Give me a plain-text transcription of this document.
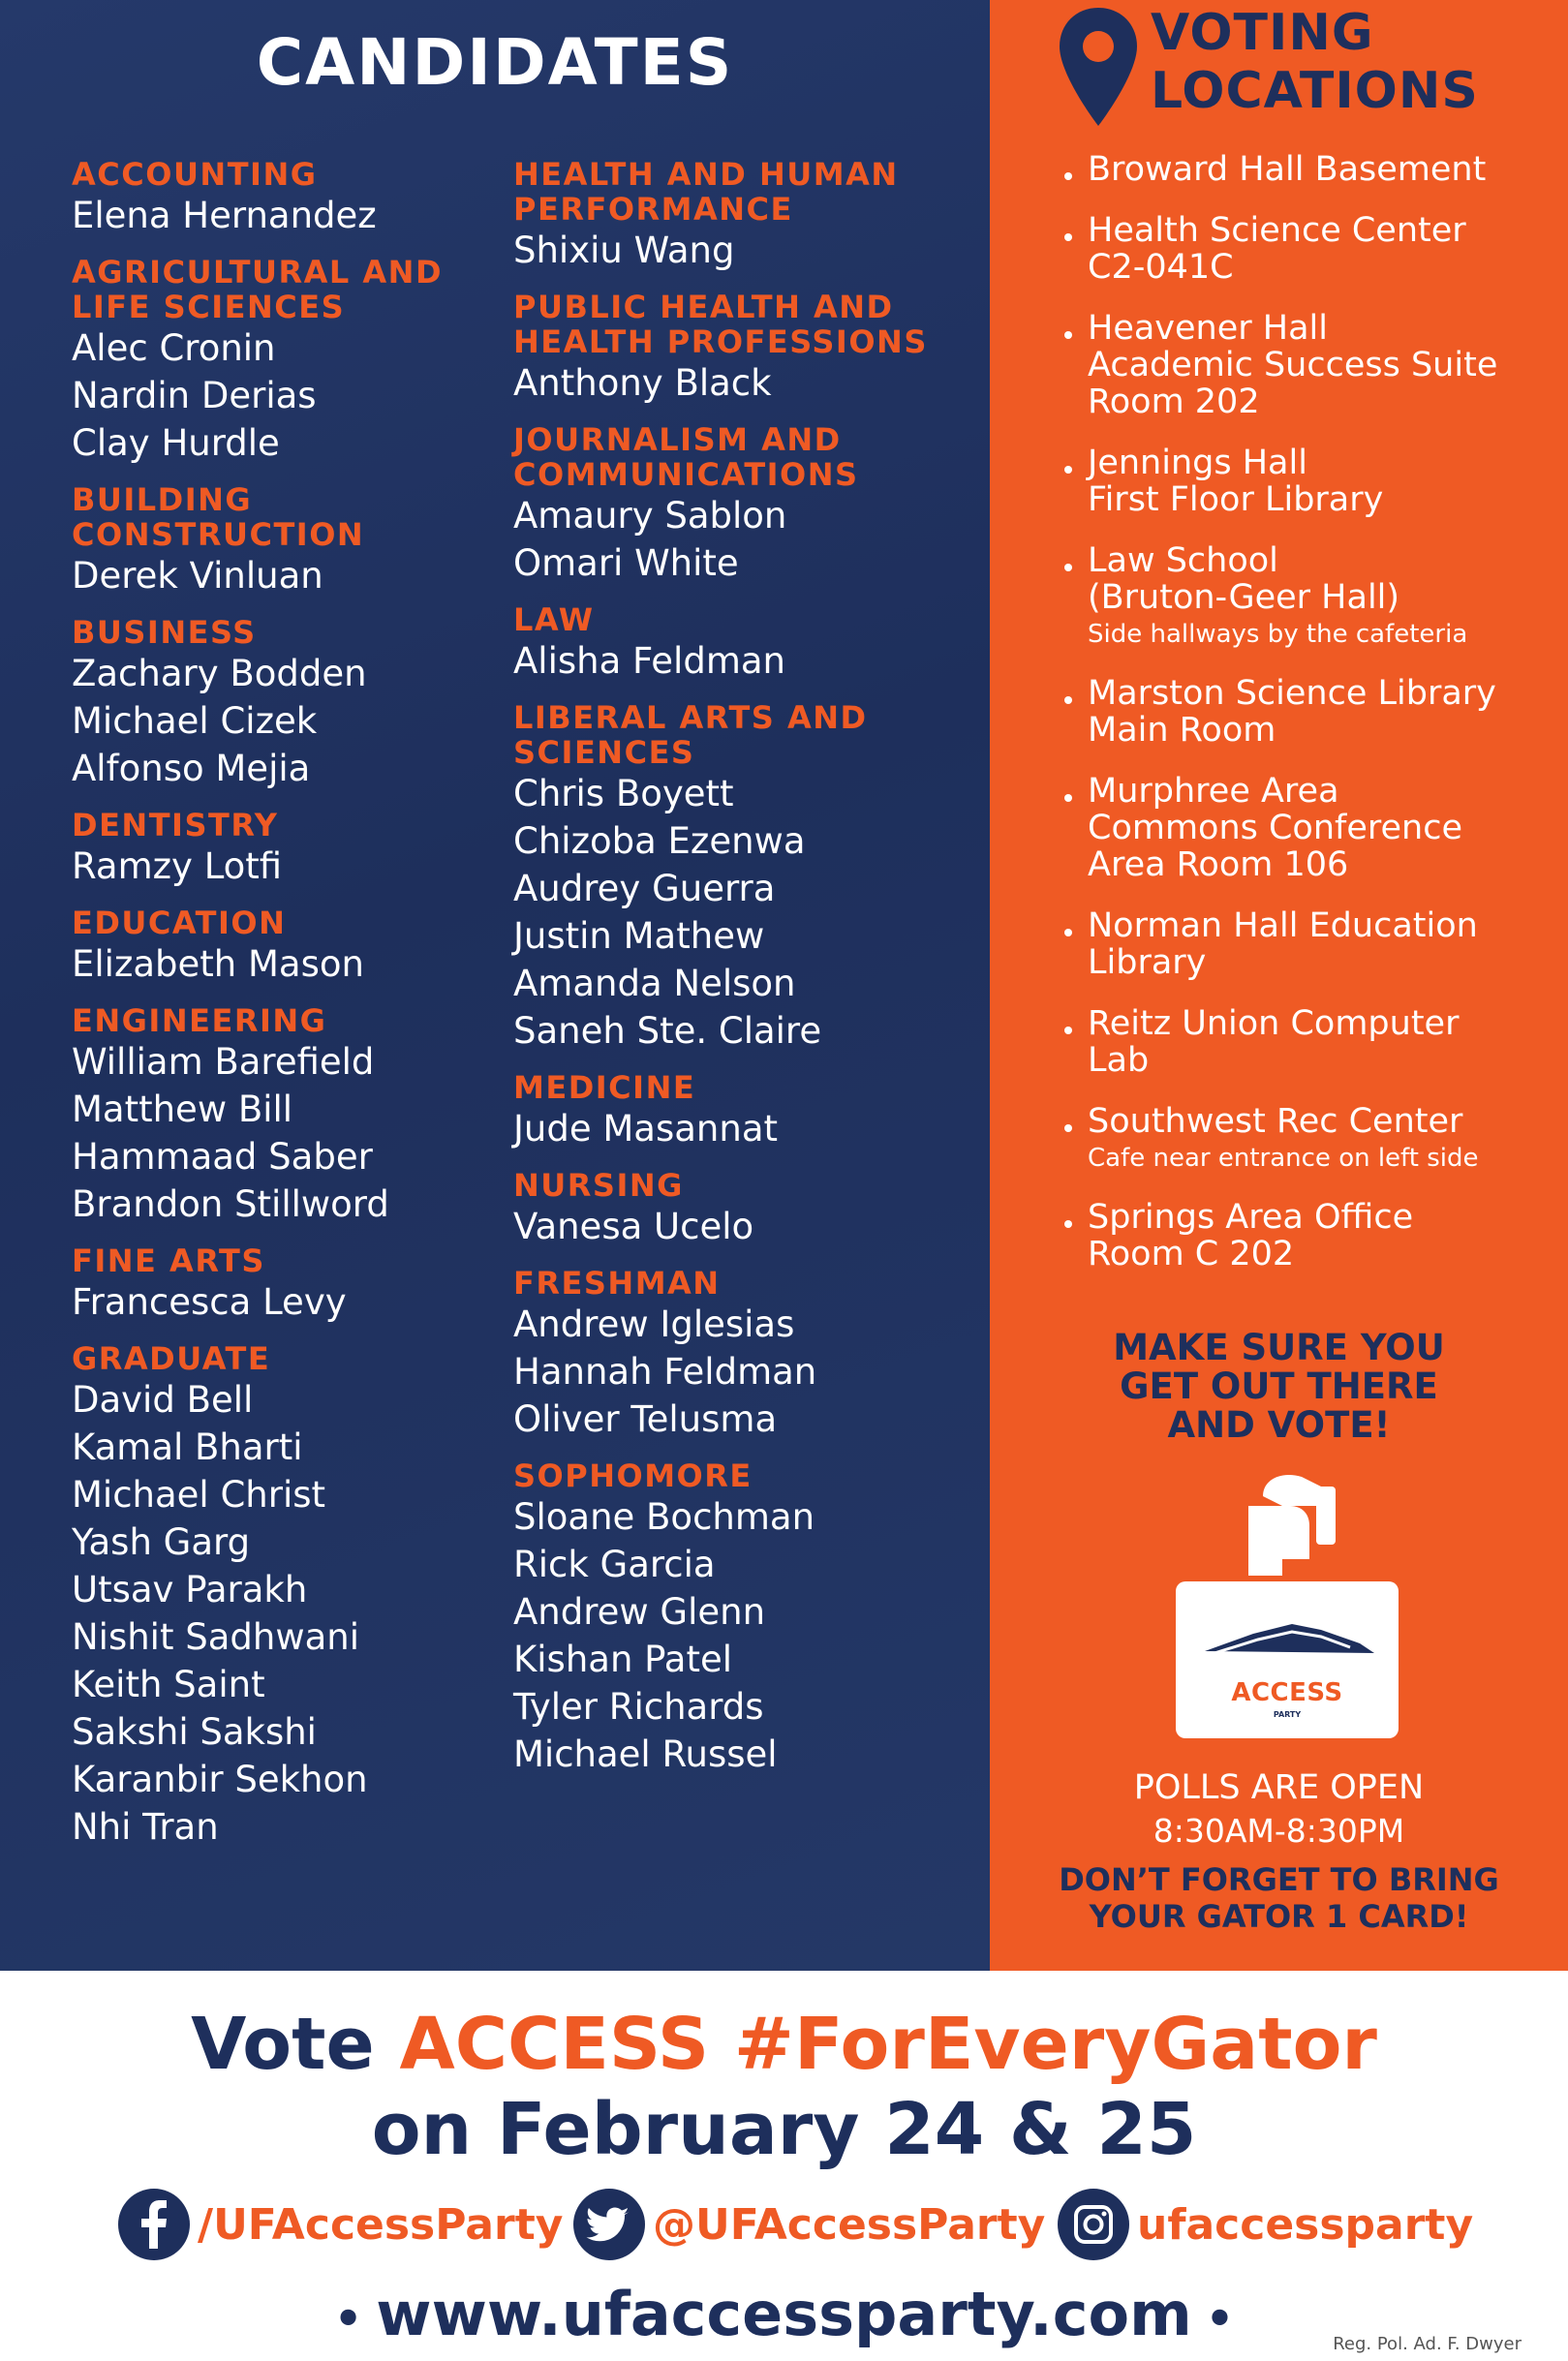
CANDIDATES
ACCOUNTING
Elena Hernandez
AGRICULTURAL AND LIFE SCIENCES
Alec Cronin
Nardin Derias
Clay Hurdle
BUILDING CONSTRUCTION
Derek Vinluan
BUSINESS
Zachary Bodden
Michael Cizek
Alfonso Mejia
DENTISTRY
Ramzy Lotfi
EDUCATION
Elizabeth Mason
ENGINEERING
William Barefield
Matthew Bill
Hammaad Saber
Brandon Stillword
FINE ARTS
Francesca Levy
GRADUATE
David Bell
Kamal Bharti
Michael Christ
Yash Garg
Utsav Parakh
Nishit Sadhwani
Keith Saint
Sakshi Sakshi
Karanbir Sekhon
Nhi Tran
HEALTH AND HUMAN PERFORMANCE
Shixiu Wang
PUBLIC HEALTH AND HEALTH PROFESSIONS
Anthony Black
JOURNALISM AND COMMUNICATIONS
Amaury Sablon
Omari White
LAW
Alisha Feldman
LIBERAL ARTS AND SCIENCES
Chris Boyett
Chizoba Ezenwa
Audrey Guerra
Justin Mathew
Amanda Nelson
Saneh Ste. Claire
MEDICINE
Jude Masannat
NURSING
Vanesa Ucelo
FRESHMAN
Andrew Iglesias
Hannah Feldman
Oliver Telusma
SOPHOMORE
Sloane Bochman
Rick Garcia
Andrew Glenn
Kishan Patel
Tyler Richards
Michael Russel
VOTING
LOCATIONS
Broward Hall Basement
Health Science Center
C2-041C
Heavener Hall
Academic Success Suite
Room 202
Jennings Hall
First Floor Library
Law School
(Bruton-Geer Hall)
Side hallways by the cafeteria
Marston Science Library
Main Room
Murphree Area
Commons Conference
Area Room 106
Norman Hall Education
Library
Reitz Union Computer
Lab
Southwest Rec Center
Cafe near entrance on left side
Springs Area Office
Room C 202
MAKE SURE YOU
GET OUT THERE
AND VOTE!
ACCESS
PARTY
POLLS ARE OPEN
8:30AM-8:30PM
DON’T FORGET TO BRING
YOUR GATOR 1 CARD!
Vote ACCESS #ForEveryGator
on February 24 & 25
/UFAccessParty @UFAccessParty ufaccessparty
• www.ufaccessparty.com •	Reg. Pol. Ad. F. Dwyer
